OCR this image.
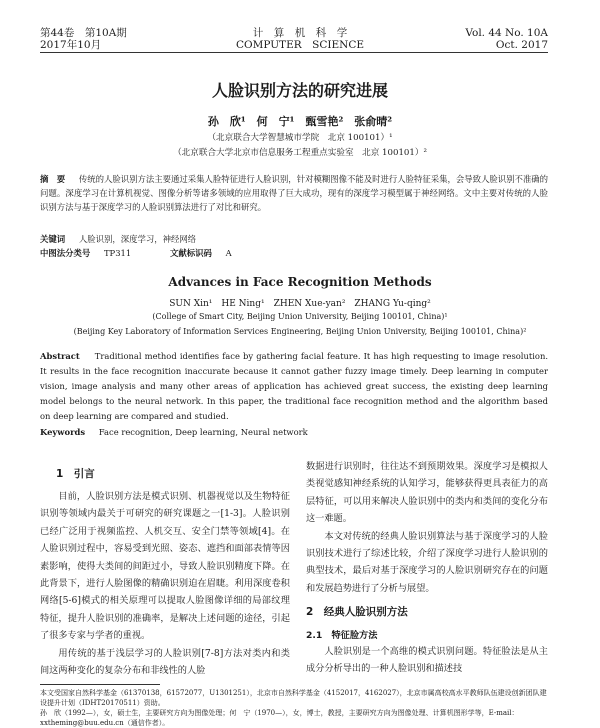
第44卷　第10A期
2017年10月
计　算　机　科　学
COMPUTER　SCIENCE
Vol. 44 No. 10A
Oct. 2017
人脸识别方法的研究进展
孙　欣¹　何　宁¹　甄雪艳²　张俞晴²
（北京联合大学智慧城市学院　北京 100101）¹
（北京联合大学北京市信息服务工程重点实验室　北京 100101）²
摘　要 　 传统的人脸识别方法主要通过采集人脸特征进行人脸识别，针对模糊图像不能及时进行人脸特征采集，会导致人脸识别不准确的问题。深度学习在计算机视觉、图像分析等诸多领域的应用取得了巨大成功，现有的深度学习模型属于神经网络。文中主要对传统的人脸识别方法与基于深度学习的人脸识别算法进行了对比和研究。
关键词 　 人脸识别，深度学习，神经网络
中图法分类号 　 TP311 　　　　	文献标识码 　 A
Advances in Face Recognition Methods
SUN Xin¹　HE Ning¹　ZHEN Xue-yan²　ZHANG Yu-qing²
(College of Smart City, Beijing Union University, Beijing 100101, China)¹
(Beijing Key Laboratory of Information Services Engineering, Beijing Union University, Beijing 100101, China)²
Abstract 　 Traditional method identifies face by gathering facial feature. It has high requesting to image resolution. It results in the face recognition inaccurate because it cannot gather fuzzy image timely. Deep learning in computer vision, image analysis and many other areas of application has achieved great success, the existing deep learning model belongs to the neural network. In this paper, the traditional face recognition method and the algorithm based on deep learning are compared and studied.
Keywords 　 Face recognition, Deep learning, Neural network
1　引言

目前，人脸识别方法是模式识别、机器视觉以及生物特征识别等领域内最关于可研究的研究课题之一[1-3]。人脸识别已经广泛用于视频监控、人机交互、安全门禁等领域[4]。在人脸识别过程中，容易受到光照、姿态、遮挡和面部表情等因素影响，使得大类间的间距过小，导致人脸识别精度下降。在此背景下，进行人脸图像的精确识别迫在眉睫。利用深度卷积网络[5-6]模式的相关原理可以提取人脸图像详细的局部纹理特征，提升人脸识别的准确率，是解决上述问题的途径，引起了很多专家与学者的重视。

用传统的基于浅层学习的人脸识别[7-8]方法对类内和类间这两种变化的复杂分布和非线性的人脸

数据进行识别时，往往达不到预期效果。深度学习是模拟人类视觉感知神经系统的认知学习，能够获得更具表征力的高层特征，可以用来解决人脸识别中的类内和类间的变化分布这一难题。

本文对传统的经典人脸识别算法与基于深度学习的人脸识别技术进行了综述比较，介绍了深度学习进行人脸识别的典型技术，最后对基于深度学习的人脸识别研究存在的问题和发展趋势进行了分析与展望。

2　经典人脸识别方法
2.1　特征脸方法

人脸识别是一个高维的模式识别问题。特征脸法是从主成分分析导出的一种人脸识别和描述技

本文受国家自然科学基金（61370138，61572077，U1301251），北京市自然科学基金（4152017，4162027），北京市属高校高水平教师队伍建设创新团队建设提升计划（IDHT20170511）资助。

孙　欣（1992—），女，硕士生，主要研究方向为图像处理；何　宁（1970—），女，博士，教授，主要研究方向为图像处理、计算机图形学等，E-mail：xxtheming@buu.edu.cn（通信作者）。
